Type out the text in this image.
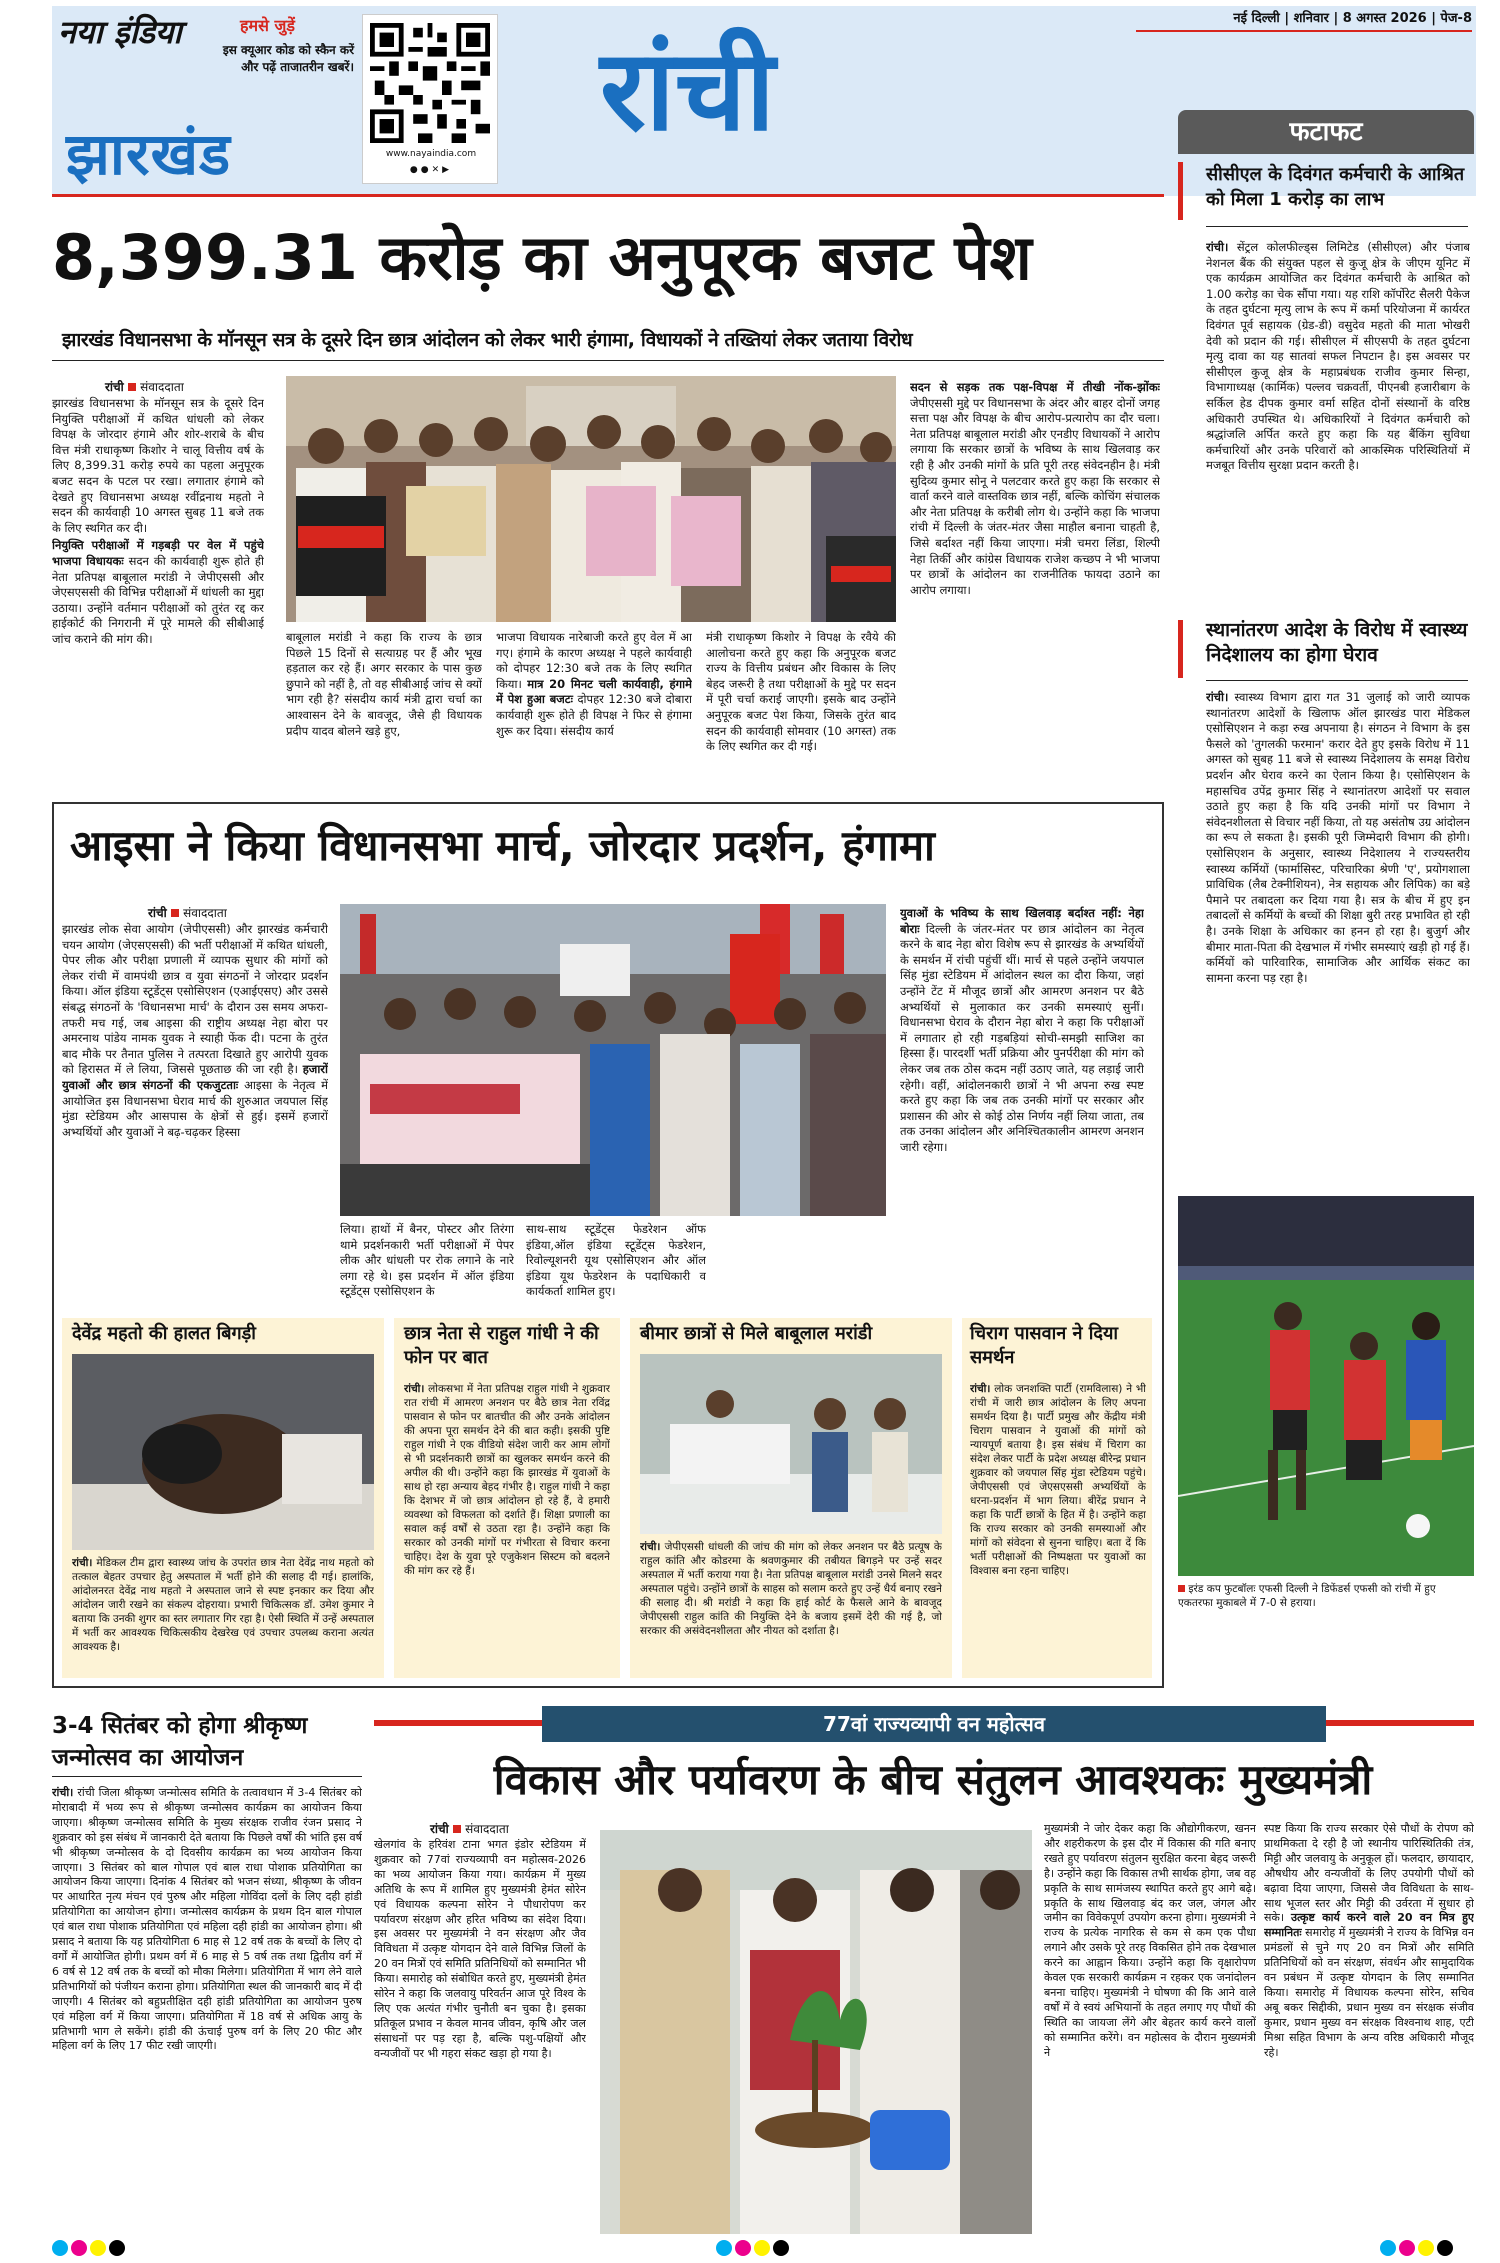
नया इंडिया
झारखंड
हमसे जुड़ें
इस क्यूआर कोड को स्कैन करें और पढ़ें ताजातरीन खबरें।
www.nayaindia.com
●●✕▶
रांची
नई दिल्ली | शनिवार | 8 अगस्त 2026 | पेज-8
8,399.31 करोड़ का अनुपूरक बजट पेश
झारखंड विधानसभा के मॉनसून सत्र के दूसरे दिन छात्र आंदोलन को लेकर भारी हंगामा, विधायकों ने तख्तियां लेकर जताया विरोध
रांची संवाददाता

झारखंड विधानसभा के मॉनसून सत्र के दूसरे दिन नियुक्ति परीक्षाओं में कथित धांधली को लेकर विपक्ष के जोरदार हंगामे और शोर-शराबे के बीच वित्त मंत्री राधाकृष्ण किशोर ने चालू वित्तीय वर्ष के लिए 8,399.31 करोड़ रुपये का पहला अनुपूरक बजट सदन के पटल पर रखा। लगातार हंगामे को देखते हुए विधानसभा अध्यक्ष रवींद्रनाथ महतो ने सदन की कार्यवाही 10 अगस्त सुबह 11 बजे तक के लिए स्थगित कर दी।

नियुक्ति परीक्षाओं में गड़बड़ी पर वेल में पहुंचे भाजपा विधायकः सदन की कार्यवाही शुरू होते ही नेता प्रतिपक्ष बाबूलाल मरांडी ने जेपीएससी और जेएसएससी की विभिन्न परीक्षाओं में धांधली का मुद्दा उठाया। उन्होंने वर्तमान परीक्षाओं को तुरंत रद्द कर हाईकोर्ट की निगरानी में पूरे मामले की सीबीआई जांच कराने की मांग की।	बाबूलाल मरांडी ने कहा कि राज्य के छात्र पिछले 15 दिनों से सत्याग्रह पर हैं और भूख हड़ताल कर रहे हैं। अगर सरकार के पास कुछ छुपाने को नहीं है, तो वह सीबीआई जांच से क्यों भाग रही है? संसदीय कार्य मंत्री द्वारा चर्चा का आश्वासन देने के बावजूद, जैसे ही विधायक प्रदीप यादव बोलने खड़े हुए,
भाजपा विधायक नारेबाजी करते हुए वेल में आ गए। हंगामे के कारण अध्यक्ष ने पहले कार्यवाही को दोपहर 12:30 बजे तक के लिए स्थगित किया। मात्र 20 मिनट चली कार्यवाही, हंगामे में पेश हुआ बजटः दोपहर 12:30 बजे दोबारा कार्यवाही शुरू होते ही विपक्ष ने फिर से हंगामा शुरू कर दिया। संसदीय कार्य
मंत्री राधाकृष्ण किशोर ने विपक्ष के रवैये की आलोचना करते हुए कहा कि अनुपूरक बजट राज्य के वित्तीय प्रबंधन और विकास के लिए बेहद जरूरी है तथा परीक्षाओं के मुद्दे पर सदन में पूरी चर्चा कराई जाएगी। इसके बाद उन्होंने अनुपूरक बजट पेश किया, जिसके तुरंत बाद सदन की कार्यवाही सोमवार (10 अगस्त) तक के लिए स्थगित कर दी गई।
सदन से सड़क तक पक्ष-विपक्ष में तीखी नोंक-झोंकः जेपीएससी मुद्दे पर विधानसभा के अंदर और बाहर दोनों जगह सत्ता पक्ष और विपक्ष के बीच आरोप-प्रत्यारोप का दौर चला। नेता प्रतिपक्ष बाबूलाल मरांडी और एनडीए विधायकों ने आरोप लगाया कि सरकार छात्रों के भविष्य के साथ खिलवाड़ कर रही है और उनकी मांगों के प्रति पूरी तरह संवेदनहीन है। मंत्री सुदिव्य कुमार सोनू ने पलटवार करते हुए कहा कि सरकार से वार्ता करने वाले वास्तविक छात्र नहीं, बल्कि कोचिंग संचालक और नेता प्रतिपक्ष के करीबी लोग थे। उन्होंने कहा कि भाजपा रांची में दिल्ली के जंतर-मंतर जैसा माहौल बनाना चाहती है, जिसे बर्दाश्त नहीं किया जाएगा। मंत्री चमरा लिंडा, शिल्पी नेहा तिर्की और कांग्रेस विधायक राजेश कच्छप ने भी भाजपा पर छात्रों के आंदोलन का राजनीतिक फायदा उठाने का आरोप लगाया।
आइसा ने किया विधानसभा मार्च, जोरदार प्रदर्शन, हंगामा
रांची संवाददाता
झारखंड लोक सेवा आयोग (जेपीएससी) और झारखंड कर्मचारी चयन आयोग (जेएसएससी) की भर्ती परीक्षाओं में कथित धांधली, पेपर लीक और परीक्षा प्रणाली में व्यापक सुधार की मांगों को लेकर रांची में वामपंथी छात्र व युवा संगठनों ने जोरदार प्रदर्शन किया। ऑल इंडिया स्टूडेंट्स एसोसिएशन (एआईएसए) और उससे संबद्ध संगठनों के 'विधानसभा मार्च' के दौरान उस समय अफरा-तफरी मच गई, जब आइसा की राष्ट्रीय अध्यक्ष नेहा बोरा पर अमरनाथ पांडेय नामक युवक ने स्याही फेंक दी। पटना के तुरंत बाद मौके पर तैनात पुलिस ने तत्परता दिखाते हुए आरोपी युवक को हिरासत में ले लिया, जिससे पूछताछ की जा रही है। हजारों युवाओं और छात्र संगठनों की एकजुटताः आइसा के नेतृत्व में आयोजित इस विधानसभा घेराव मार्च की शुरुआत जयपाल सिंह मुंडा स्टेडियम और आसपास के क्षेत्रों से हुई। इसमें हजारों अभ्यर्थियों और युवाओं ने बढ़-चढ़कर हिस्सा
लिया। हाथों में बैनर, पोस्टर और तिरंगा थामे प्रदर्शनकारी भर्ती परीक्षाओं में पेपर लीक और धांधली पर रोक लगाने के नारे लगा रहे थे। इस प्रदर्शन में ऑल इंडिया स्टूडेंट्स एसोसिएशन के
साथ-साथ स्टूडेंट्स फेडरेशन ऑफ इंडिया,ऑल इंडिया स्टूडेंट्स फेडरेशन, रिवोल्यूशनरी यूथ एसोसिएशन और ऑल इंडिया यूथ फेडरेशन के पदाधिकारी व कार्यकर्ता शामिल हुए।
युवाओं के भविष्य के साथ खिलवाड़ बर्दाश्त नहीं: नेहा बोराः दिल्ली के जंतर-मंतर पर छात्र आंदोलन का नेतृत्व करने के बाद नेहा बोरा विशेष रूप से झारखंड के अभ्यर्थियों के समर्थन में रांची पहुंचीं थीं। मार्च से पहले उन्होंने जयपाल सिंह मुंडा स्टेडियम में आंदोलन स्थल का दौरा किया, जहां उन्होंने टेंट में मौजूद छात्रों और आमरण अनशन पर बैठे अभ्यर्थियों से मुलाकात कर उनकी समस्याएं सुनीं। विधानसभा घेराव के दौरान नेहा बोरा ने कहा कि परीक्षाओं में लगातार हो रही गड़बड़ियां सोची-समझी साजिश का हिस्सा हैं। पारदर्शी भर्ती प्रक्रिया और पुनर्परीक्षा की मांग को लेकर जब तक ठोस कदम नहीं उठाए जाते, यह लड़ाई जारी रहेगी। वहीं, आंदोलनकारी छात्रों ने भी अपना रुख स्पष्ट करते हुए कहा कि जब तक उनकी मांगों पर सरकार और प्रशासन की ओर से कोई ठोस निर्णय नहीं लिया जाता, तब तक उनका आंदोलन और अनिश्चितकालीन आमरण अनशन जारी रहेगा।
देवेंद्र महतो की हालत बिगड़ी
रांची। मेडिकल टीम द्वारा स्वास्थ्य जांच के उपरांत छात्र नेता देवेंद्र नाथ महतो को तत्काल बेहतर उपचार हेतु अस्पताल में भर्ती होने की सलाह दी गई। हालांकि, आंदोलनरत देवेंद्र नाथ महतो ने अस्पताल जाने से स्पष्ट इनकार कर दिया और आंदोलन जारी रखने का संकल्प दोहराया। प्रभारी चिकित्सक डॉ. उमेश कुमार ने बताया कि उनकी शुगर का स्तर लगातार गिर रहा है। ऐसी स्थिति में उन्हें अस्पताल में भर्ती कर आवश्यक चिकित्सकीय देखरेख एवं उपचार उपलब्ध कराना अत्यंत आवश्यक है।
छात्र नेता से राहुल गांधी ने की फोन पर बात
रांची। लोकसभा में नेता प्रतिपक्ष राहुल गांधी ने शुक्रवार रात रांची में आमरण अनशन पर बैठे छात्र नेता रविंद्र पासवान से फोन पर बातचीत की और उनके आंदोलन की अपना पूरा समर्थन देने की बात कही। इसकी पुष्टि राहुल गांधी ने एक वीडियो संदेश जारी कर आम लोगों से भी प्रदर्शनकारी छात्रों का खुलकर समर्थन करने की अपील की थी। उन्होंने कहा कि झारखंड में युवाओं के साथ हो रहा अन्याय बेहद गंभीर है। राहुल गांधी ने कहा कि देशभर में जो छात्र आंदोलन हो रहे हैं, वे हमारी व्यवस्था को विफलता को दर्शाते हैं। शिक्षा प्रणाली का सवाल कई वर्षों से उठता रहा है। उन्होंने कहा कि सरकार को उनकी मांगों पर गंभीरता से विचार करना चाहिए। देश के युवा पूरे एजुकेशन सिस्टम को बदलने की मांग कर रहे हैं।
बीमार छात्रों से मिले बाबूलाल मरांडी
रांची। जेपीएससी धांधली की जांच की मांग को लेकर अनशन पर बैठे प्रत्यूष के राहुल कांति और कोडरमा के श्रवणकुमार की तबीयत बिगड़ने पर उन्हें सदर अस्पताल में भर्ती कराया गया है। नेता प्रतिपक्ष बाबूलाल मरांडी उनसे मिलने सदर अस्पताल पहुंचे। उन्होंने छात्रों के साहस को सलाम करते हुए उन्हें धैर्य बनाए रखने की सलाह दी। श्री मरांडी ने कहा कि हाई कोर्ट के फैसले आने के बावजूद जेपीएससी राहुल कांति की नियुक्ति देने के बजाय इसमें देरी की गई है, जो सरकार की असंवेदनशीलता और नीयत को दर्शाता है।
चिराग पासवान ने दिया समर्थन
रांची। लोक जनशक्ति पार्टी (रामविलास) ने भी रांची में जारी छात्र आंदोलन के लिए अपना समर्थन दिया है। पार्टी प्रमुख और केंद्रीय मंत्री चिराग पासवान ने युवाओं की मांगों को न्यायपूर्ण बताया है। इस संबंध में चिराग का संदेश लेकर पार्टी के प्रदेश अध्यक्ष बीरेन्द्र प्रधान शुक्रवार को जयपाल सिंह मुंडा स्टेडियम पहुंचे। जेपीएससी एवं जेएसएससी अभ्यर्थियों के धरना-प्रदर्शन में भाग लिया। बीरेंद्र प्रधान ने कहा कि पार्टी छात्रों के हित में है। उन्होंने कहा कि राज्य सरकार को उनकी समस्याओं और मांगों को संवेदना से सुनना चाहिए। बता दें कि भर्ती परीक्षाओं की निष्पक्षता पर युवाओं का विश्वास बना रहना चाहिए।
फटाफट
सीसीएल के दिवंगत कर्मचारी के आश्रित को मिला 1 करोड़ का लाभ
रांची। सेंट्रल कोलफील्ड्स लिमिटेड (सीसीएल) और पंजाब नेशनल बैंक की संयुक्त पहल से कुजू क्षेत्र के जीएम यूनिट में एक कार्यक्रम आयोजित कर दिवंगत कर्मचारी के आश्रित को 1.00 करोड़ का चेक सौंपा गया। यह राशि कॉर्पोरेट सैलरी पैकेज के तहत दुर्घटना मृत्यु लाभ के रूप में कर्मा परियोजना में कार्यरत दिवंगत पूर्व सहायक (ग्रेड-डी) वसुदेव महतो की माता भोखरी देवी को प्रदान की गई। सीसीएल में सीएसपी के तहत दुर्घटना मृत्यु दावा का यह सातवां सफल निपटान है। इस अवसर पर सीसीएल कुजू क्षेत्र के महाप्रबंधक राजीव कुमार सिन्हा, विभागाध्यक्ष (कार्मिक) पल्लव चक्रवर्ती, पीएनबी हजारीबाग के सर्किल हेड दीपक कुमार वर्मा सहित दोनों संस्थानों के वरिष्ठ अधिकारी उपस्थित थे। अधिकारियों ने दिवंगत कर्मचारी को श्रद्धांजलि अर्पित करते हुए कहा कि यह बैंकिंग सुविधा कर्मचारियों और उनके परिवारों को आकस्मिक परिस्थितियों में मजबूत वित्तीय सुरक्षा प्रदान करती है।
स्थानांतरण आदेश के विरोध में स्वास्थ्य निदेशालय का होगा घेराव
रांची। स्वास्थ्य विभाग द्वारा गत 31 जुलाई को जारी व्यापक स्थानांतरण आदेशों के खिलाफ ऑल झारखंड पारा मेडिकल एसोसिएशन ने कड़ा रुख अपनाया है। संगठन ने विभाग के इस फैसले को 'तुगलकी फरमान' करार देते हुए इसके विरोध में 11 अगस्त को सुबह 11 बजे से स्वास्थ्य निदेशालय के समक्ष विरोध प्रदर्शन और घेराव करने का ऐलान किया है। एसोसिएशन के महासचिव उपेंद्र कुमार सिंह ने स्थानांतरण आदेशों पर सवाल उठाते हुए कहा है कि यदि उनकी मांगों पर विभाग ने संवेदनशीलता से विचार नहीं किया, तो यह असंतोष उग्र आंदोलन का रूप ले सकता है। इसकी पूरी जिम्मेदारी विभाग की होगी। एसोसिएशन के अनुसार, स्वास्थ्य निदेशालय ने राज्यस्तरीय स्वास्थ्य कर्मियों (फार्मासिस्ट, परिचारिका श्रेणी 'ए', प्रयोगशाला प्राविधिक (लैब टेक्नीशियन), नेत्र सहायक और लिपिक) का बड़े पैमाने पर तबादला कर दिया गया है। सत्र के बीच में हुए इन तबादलों से कर्मियों के बच्चों की शिक्षा बुरी तरह प्रभावित हो रही है। उनके शिक्षा के अधिकार का हनन हो रहा है। बुजुर्ग और बीमार माता-पिता की देखभाल में गंभीर समस्याएं खड़ी हो गई हैं। कर्मियों को पारिवारिक, सामाजिक और आर्थिक संकट का सामना करना पड़ रहा है।
इरंड कप फुटबॉलः एफसी दिल्ली ने डिफेंडर्स एफसी को रांची में हुए एकतरफा मुकाबले में 7-0 से हराया।
3-4 सितंबर को होगा श्रीकृष्ण जन्मोत्सव का आयोजन
रांची। रांची जिला श्रीकृष्ण जन्मोत्सव समिति के तत्वावधान में 3-4 सितंबर को मोराबादी में भव्य रूप से श्रीकृष्ण जन्मोत्सव कार्यक्रम का आयोजन किया जाएगा। श्रीकृष्ण जन्मोत्सव समिति के मुख्य संरक्षक राजीव रंजन प्रसाद ने शुक्रवार को इस संबंध में जानकारी देते बताया कि पिछले वर्षों की भांति इस वर्ष भी श्रीकृष्ण जन्मोत्सव के दो दिवसीय कार्यक्रम का भव्य आयोजन किया जाएगा। 3 सितंबर को बाल गोपाल एवं बाल राधा पोशाक प्रतियोगिता का आयोजन किया जाएगा। दिनांक 4 सितंबर को भजन संध्या, श्रीकृष्ण के जीवन पर आधारित नृत्य मंचन एवं पुरुष और महिला गोविंदा दलों के लिए दही हांडी प्रतियोगिता का आयोजन होगा। जन्मोत्सव कार्यक्रम के प्रथम दिन बाल गोपाल एवं बाल राधा पोशाक प्रतियोगिता एवं महिला दही हांडी का आयोजन होगा। श्री प्रसाद ने बताया कि यह प्रतियोगिता 6 माह से 12 वर्ष तक के बच्चों के लिए दो वर्गों में आयोजित होगी। प्रथम वर्ग में 6 माह से 5 वर्ष तक तथा द्वितीय वर्ग में 6 वर्ष से 12 वर्ष तक के बच्चों को मौका मिलेगा। प्रतियोगिता में भाग लेने वाले प्रतिभागियों को पंजीयन कराना होगा। प्रतियोगिता स्थल की जानकारी बाद में दी जाएगी। 4 सितंबर को बहुप्रतीक्षित दही हांडी प्रतियोगिता का आयोजन पुरुष एवं महिला वर्ग में किया जाएगा। प्रतियोगिता में 18 वर्ष से अधिक आयु के प्रतिभागी भाग ले सकेंगे। हांडी की ऊंचाई पुरुष वर्ग के लिए 20 फीट और महिला वर्ग के लिए 17 फीट रखी जाएगी।
77वां राज्यव्यापी वन महोत्सव
विकास और पर्यावरण के बीच संतुलन आवश्यकः मुख्यमंत्री
रांची संवाददाता
खेलगांव के हरिवंश टाना भगत इंडोर स्टेडियम में शुक्रवार को 77वां राज्यव्यापी वन महोत्सव-2026 का भव्य आयोजन किया गया। कार्यक्रम में मुख्य अतिथि के रूप में शामिल हुए मुख्यमंत्री हेमंत सोरेन एवं विधायक कल्पना सोरेन ने पौधारोपण कर पर्यावरण संरक्षण और हरित भविष्य का संदेश दिया। इस अवसर पर मुख्यमंत्री ने वन संरक्षण और जैव विविधता में उत्कृष्ट योगदान देने वाले विभिन्न जिलों के 20 वन मित्रों एवं समिति प्रतिनिधियों को सम्मानित भी किया। समारोह को संबोधित करते हुए, मुख्यमंत्री हेमंत सोरेन ने कहा कि जलवायु परिवर्तन आज पूरे विश्व के लिए एक अत्यंत गंभीर चुनौती बन चुका है। इसका प्रतिकूल प्रभाव न केवल मानव जीवन, कृषि और जल संसाधनों पर पड़ रहा है, बल्कि पशु-पक्षियों और वन्यजीवों पर भी गहरा संकट खड़ा हो गया है।
मुख्यमंत्री ने जोर देकर कहा कि औद्योगीकरण, खनन और शहरीकरण के इस दौर में विकास की गति बनाए रखते हुए पर्यावरण संतुलन सुरक्षित करना बेहद जरूरी है। उन्होंने कहा कि विकास तभी सार्थक होगा, जब वह प्रकृति के साथ सामंजस्य स्थापित करते हुए आगे बढ़े। प्रकृति के साथ खिलवाड़ बंद कर जल, जंगल और जमीन का विवेकपूर्ण उपयोग करना होगा। मुख्यमंत्री ने राज्य के प्रत्येक नागरिक से कम से कम एक पौधा लगाने और उसके पूरे तरह विकसित होने तक देखभाल करने का आह्वान किया। उन्होंने कहा कि वृक्षारोपण केवल एक सरकारी कार्यक्रम न रहकर एक जनांदोलन बनना चाहिए। मुख्यमंत्री ने घोषणा की कि आने वाले वर्षों में वे स्वयं अभियानों के तहत लगाए गए पौधों की स्थिति का जायजा लेंगे और बेहतर कार्य करने वालों को सम्मानित करेंगे। वन महोत्सव के दौरान मुख्यमंत्री ने
स्पष्ट किया कि राज्य सरकार ऐसे पौधों के रोपण को प्राथमिकता दे रही है जो स्थानीय पारिस्थितिकी तंत्र, मिट्टी और जलवायु के अनुकूल हों। फलदार, छायादार, औषधीय और वन्यजीवों के लिए उपयोगी पौधों को बढ़ावा दिया जाएगा, जिससे जैव विविधता के साथ-साथ भूजल स्तर और मिट्टी की उर्वरता में सुधार हो सके। उत्कृष्ट कार्य करने वाले 20 वन मित्र हुए सम्मानितः समारोह में मुख्यमंत्री ने राज्य के विभिन्न वन प्रमंडलों से चुने गए 20 वन मित्रों और समिति प्रतिनिधियों को वन संरक्षण, संवर्धन और सामुदायिक वन प्रबंधन में उत्कृष्ट योगदान के लिए सम्मानित किया। समारोह में विधायक कल्पना सोरेन, सचिव अबू बकर सिद्दीकी, प्रधान मुख्य वन संरक्षक संजीव कुमार, प्रधान मुख्य वन संरक्षक विश्वनाथ शाह, एटी मिश्रा सहित विभाग के अन्य वरिष्ठ अधिकारी मौजूद रहे।
